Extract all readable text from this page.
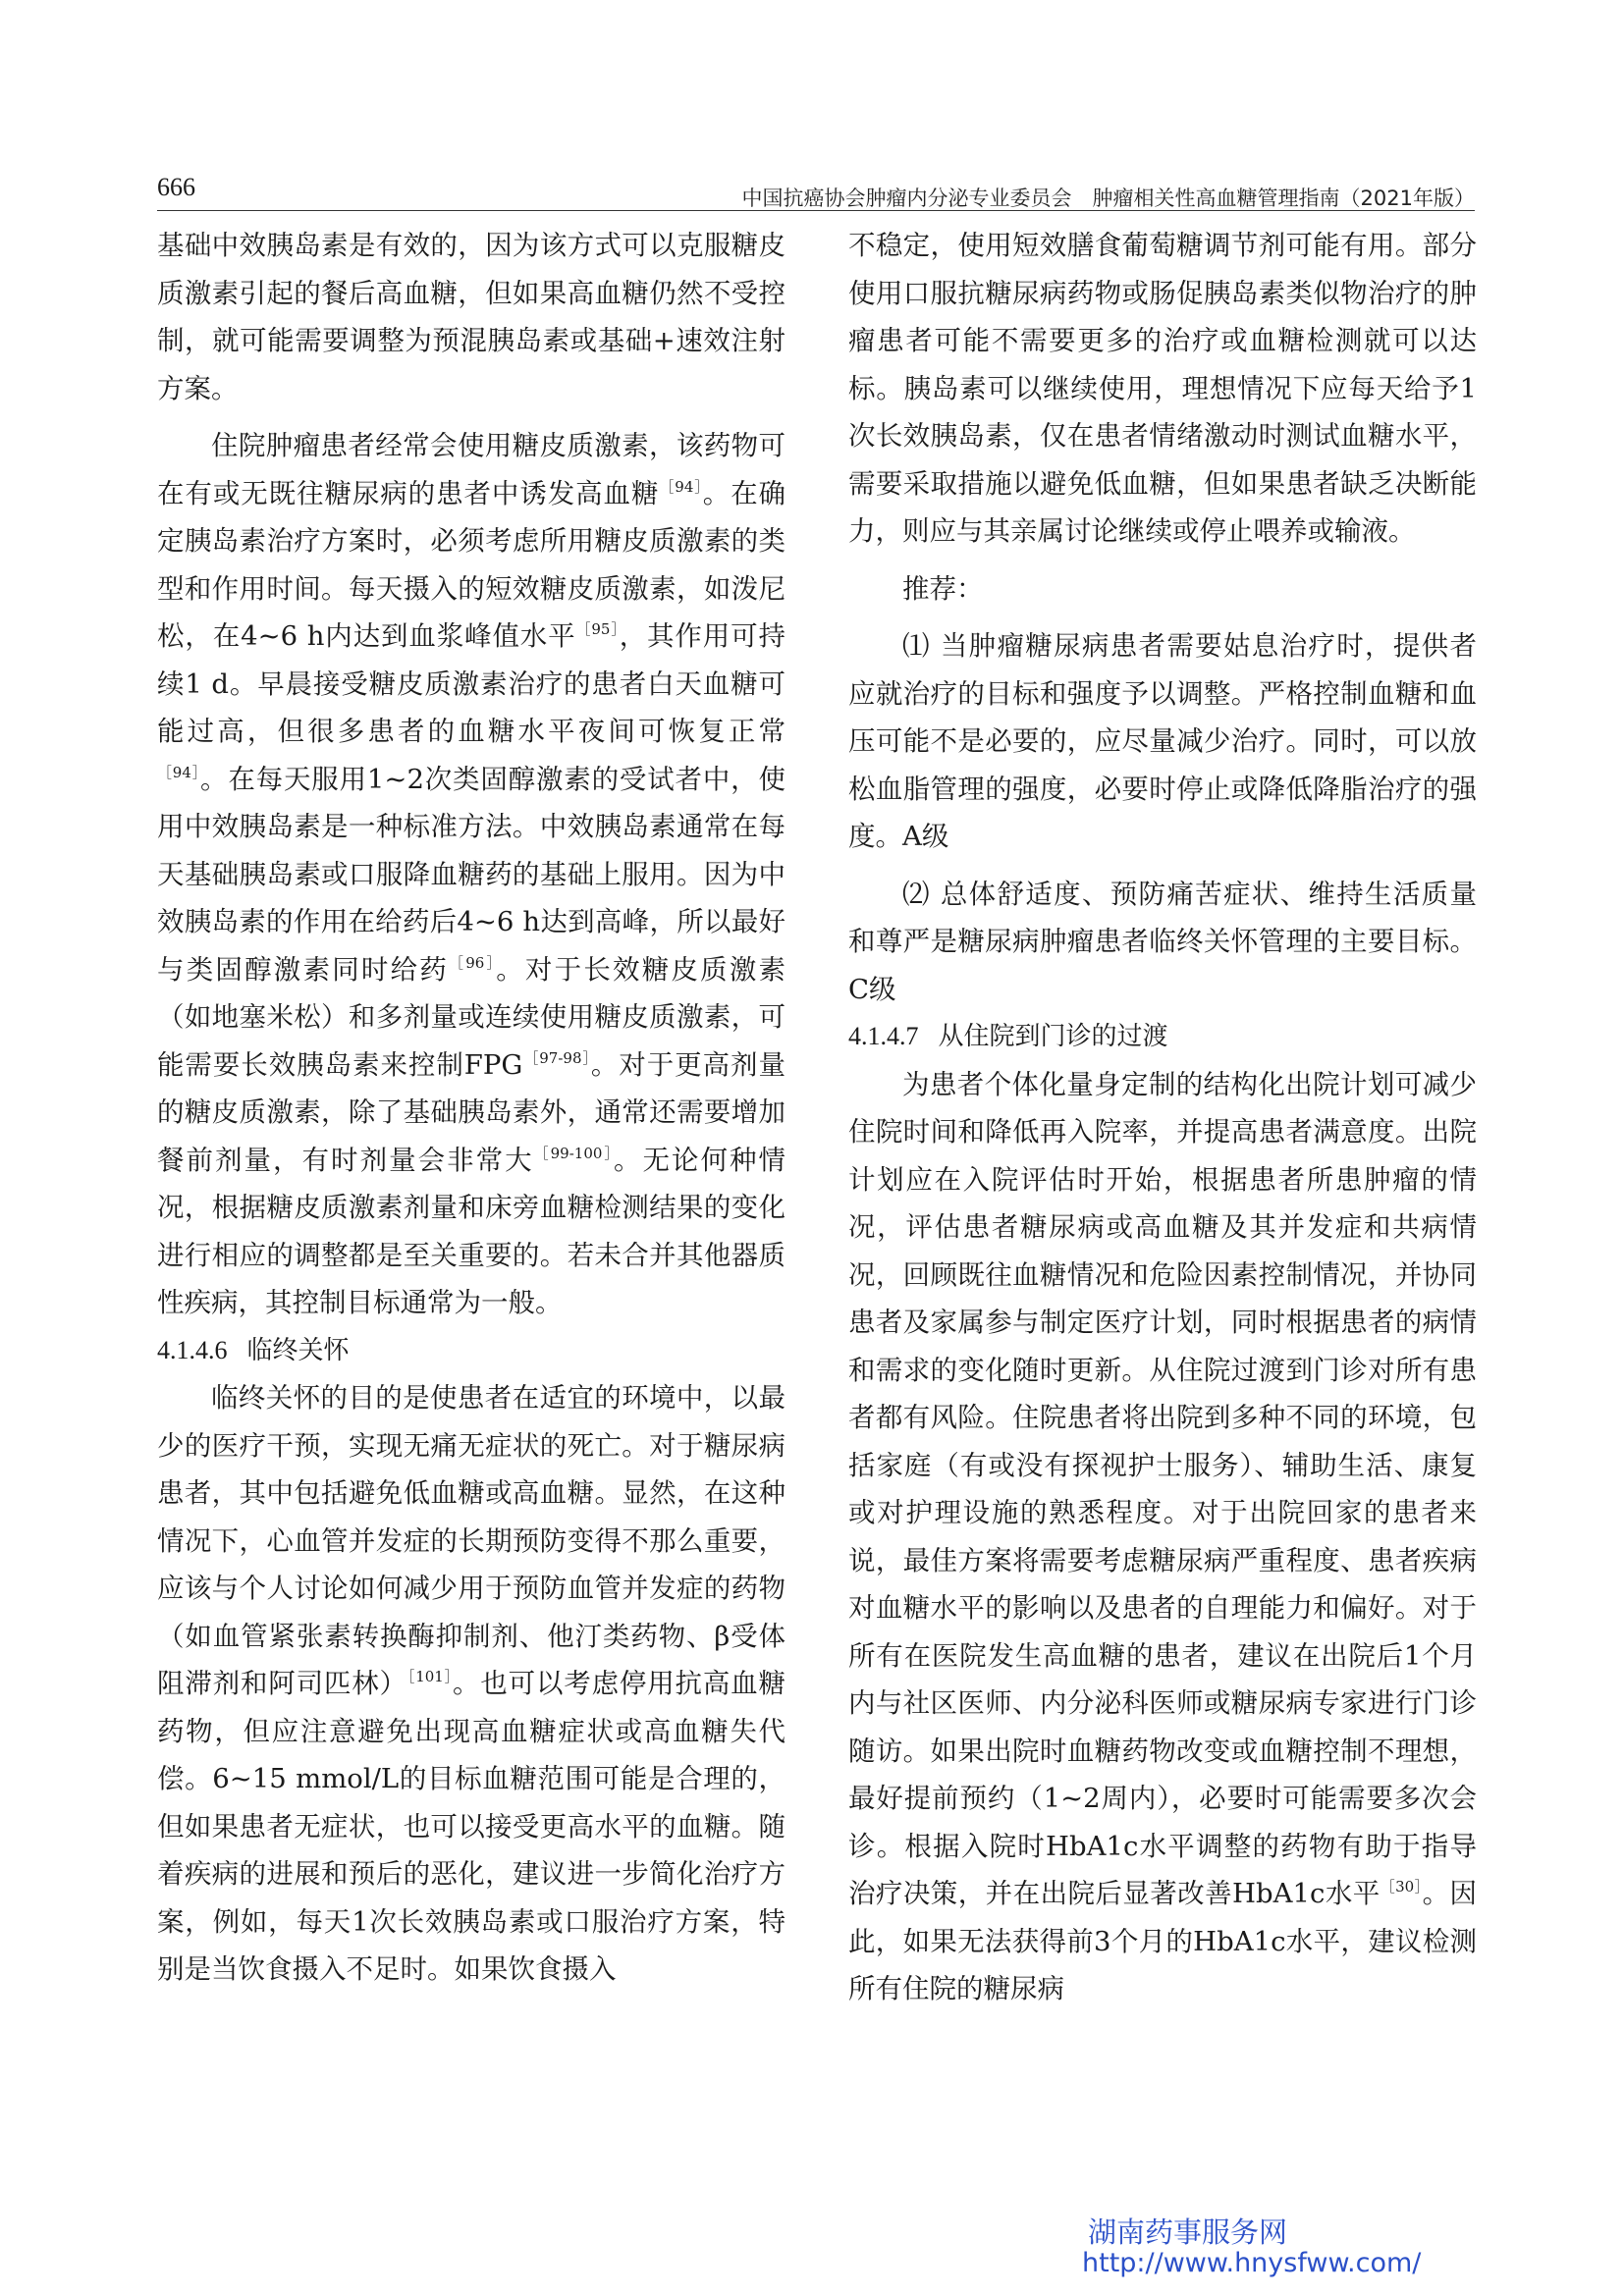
666	中国抗癌协会肿瘤内分泌专业委员会　肿瘤相关性高血糖管理指南（2021年版）

基础中效胰岛素是有效的，因为该方式可以克服糖皮质激素引起的餐后高血糖，但如果高血糖仍然不受控制，就可能需要调整为预混胰岛素或基础+速效注射方案。

住院肿瘤患者经常会使用糖皮质激素，该药物可在有或无既往糖尿病的患者中诱发高血糖$^{[94]}$。在确定胰岛素治疗方案时，必须考虑所用糖皮质激素的类型和作用时间。每天摄入的短效糖皮质激素，如泼尼松，在4~6 h内达到血浆峰值水平$^{[95]}$，其作用可持续1 d。早晨接受糖皮质激素治疗的患者白天血糖可能过高，但很多患者的血糖水平夜间可恢复正常$^{[94]}$。在每天服用1~2次类固醇激素的受试者中，使用中效胰岛素是一种标准方法。中效胰岛素通常在每天基础胰岛素或口服降血糖药的基础上服用。因为中效胰岛素的作用在给药后4~6 h达到高峰，所以最好与类固醇激素同时给药$^{[96]}$。对于长效糖皮质激素（如地塞米松）和多剂量或连续使用糖皮质激素，可能需要长效胰岛素来控制FPG$^{[97-98]}$。对于更高剂量的糖皮质激素，除了基础胰岛素外，通常还需要增加餐前剂量，有时剂量会非常大$^{[99-100]}$。无论何种情况，根据糖皮质激素剂量和床旁血糖检测结果的变化进行相应的调整都是至关重要的。若未合并其他器质性疾病，其控制目标通常为一般。

4.1.4.6 临终关怀

临终关怀的目的是使患者在适宜的环境中，以最少的医疗干预，实现无痛无症状的死亡。对于糖尿病患者，其中包括避免低血糖或高血糖。显然，在这种情况下，心血管并发症的长期预防变得不那么重要，应该与个人讨论如何减少用于预防血管并发症的药物（如血管紧张素转换酶抑制剂、他汀类药物、β受体阻滞剂和阿司匹林）$^{[101]}$。也可以考虑停用抗高血糖药物，但应注意避免出现高血糖症状或高血糖失代偿。6~15 mmol/L的目标血糖范围可能是合理的，但如果患者无症状，也可以接受更高水平的血糖。随着疾病的进展和预后的恶化，建议进一步简化治疗方案，例如，每天1次长效胰岛素或口服治疗方案，特别是当饮食摄入不足时。如果饮食摄入

不稳定，使用短效膳食葡萄糖调节剂可能有用。部分使用口服抗糖尿病药物或肠促胰岛素类似物治疗的肿瘤患者可能不需要更多的治疗或血糖检测就可以达标。胰岛素可以继续使用，理想情况下应每天给予1次长效胰岛素，仅在患者情绪激动时测试血糖水平，需要采取措施以避免低血糖，但如果患者缺乏决断能力，则应与其亲属讨论继续或停止喂养或输液。

推荐：

⑴ 当肿瘤糖尿病患者需要姑息治疗时，提供者应就治疗的目标和强度予以调整。严格控制血糖和血压可能不是必要的，应尽量减少治疗。同时，可以放松血脂管理的强度，必要时停止或降低降脂治疗的强度。A级

⑵ 总体舒适度、预防痛苦症状、维持生活质量和尊严是糖尿病肿瘤患者临终关怀管理的主要目标。C级

4.1.4.7 从住院到门诊的过渡

为患者个体化量身定制的结构化出院计划可减少住院时间和降低再入院率，并提高患者满意度。出院计划应在入院评估时开始，根据患者所患肿瘤的情况，评估患者糖尿病或高血糖及其并发症和共病情况，回顾既往血糖情况和危险因素控制情况，并协同患者及家属参与制定医疗计划，同时根据患者的病情和需求的变化随时更新。从住院过渡到门诊对所有患者都有风险。住院患者将出院到多种不同的环境，包括家庭（有或没有探视护士服务）、辅助生活、康复或对护理设施的熟悉程度。对于出院回家的患者来说，最佳方案将需要考虑糖尿病严重程度、患者疾病对血糖水平的影响以及患者的自理能力和偏好。对于所有在医院发生高血糖的患者，建议在出院后1个月内与社区医师、内分泌科医师或糖尿病专家进行门诊随访。如果出院时血糖药物改变或血糖控制不理想，最好提前预约（1~2周内），必要时可能需要多次会诊。根据入院时HbA1c水平调整的药物有助于指导治疗决策，并在出院后显著改善HbA1c水平$^{[30]}$。因此，如果无法获得前3个月的HbA1c水平，建议检测所有住院的糖尿病

湖南药事服务网
http://www.hnysfww.com/
